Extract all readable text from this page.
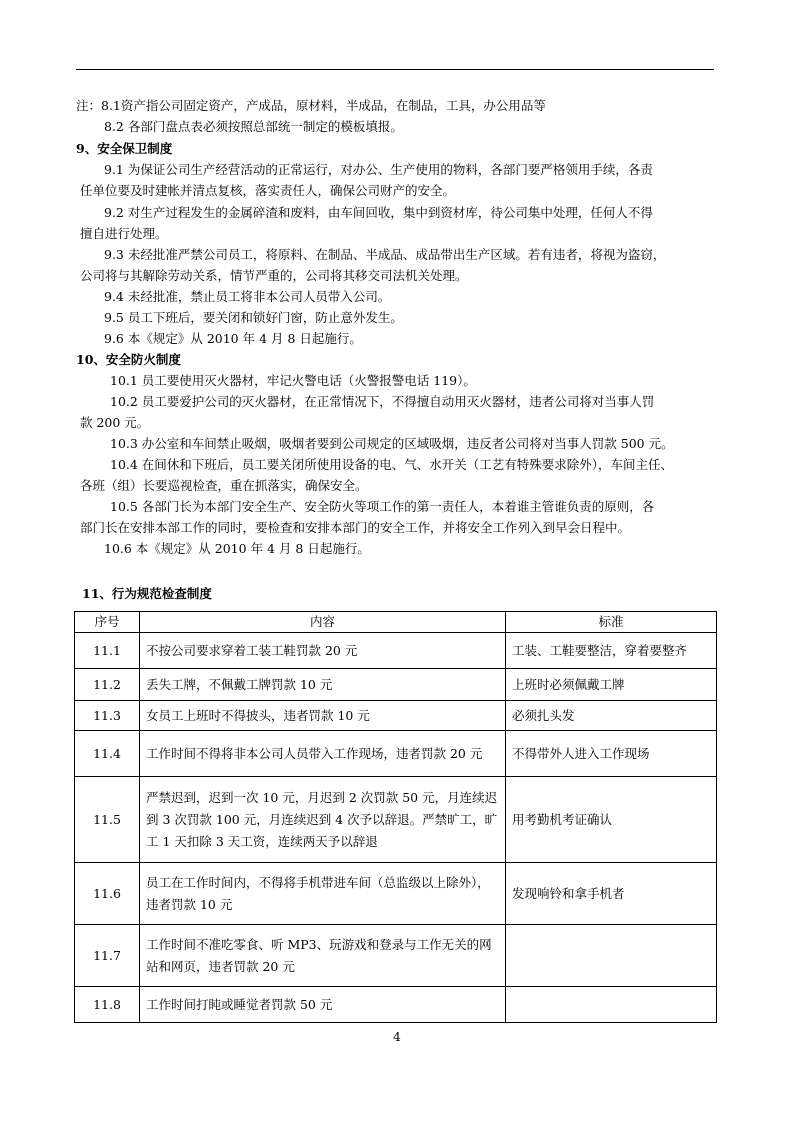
注：8.1资产指公司固定资产，产成品，原材料，半成品，在制品，工具，办公用品等
8.2 各部门盘点表必须按照总部统一制定的模板填报。
9、安全保卫制度
9.1 为保证公司生产经营活动的正常运行，对办公、生产使用的物料，各部门要严格领用手续，各责
任单位要及时建帐并清点复核，落实责任人，确保公司财产的安全。
9.2 对生产过程发生的金属碎渣和废料，由车间回收，集中到资材库，待公司集中处理，任何人不得
擅自进行处理。
9.3 未经批准严禁公司员工，将原料、在制品、半成品、成品带出生产区域。若有违者，将视为盗窃，
公司将与其解除劳动关系，情节严重的，公司将其移交司法机关处理。
9.4 未经批准，禁止员工将非本公司人员带入公司。
9.5 员工下班后，要关闭和锁好门窗，防止意外发生。
9.6 本《规定》从 2010 年 4 月 8 日起施行。
10、安全防火制度
10.1 员工要使用灭火器材，牢记火警电话（火警报警电话 119）。
10.2 员工要爱护公司的灭火器材，在正常情况下，不得擅自动用灭火器材，违者公司将对当事人罚
款 200 元。
10.3 办公室和车间禁止吸烟，吸烟者要到公司规定的区域吸烟，违反者公司将对当事人罚款 500 元。
10.4 在间休和下班后，员工要关闭所使用设备的电、气、水开关（工艺有特殊要求除外），车间主任、
各班（组）长要巡视检查，重在抓落实，确保安全。
10.5 各部门长为本部门安全生产、安全防火等项工作的第一责任人，本着谁主管谁负责的原则，各
部门长在安排本部工作的同时，要检查和安排本部门的安全工作，并将安全工作列入到早会日程中。
10.6 本《规定》从 2010 年 4 月 8 日起施行。
11、行为规范检查制度
序号	内容	标准
11.1	不按公司要求穿着工装工鞋罚款 20 元	工装、工鞋要整洁，穿着要整齐
11.2	丢失工牌，不佩戴工牌罚款 10 元	上班时必须佩戴工牌
11.3	女员工上班时不得披头，违者罚款 10 元	必须扎头发
11.4	工作时间不得将非本公司人员带入工作现场，违者罚款 20 元	不得带外人进入工作现场
11.5	严禁迟到，迟到一次 10 元，月迟到 2 次罚款 50 元，月连续迟到 3 次罚款 100 元，月连续迟到 4 次予以辞退。严禁旷工，旷工 1 天扣除 3 天工资，连续两天予以辞退	用考勤机考证确认
11.6	员工在工作时间内，不得将手机带进车间（总监级以上除外），违者罚款 10 元	发现响铃和拿手机者
11.7	工作时间不准吃零食、听 MP3、玩游戏和登录与工作无关的网站和网页，违者罚款 20 元	
11.8	工作时间打盹或睡觉者罚款 50 元	
4
